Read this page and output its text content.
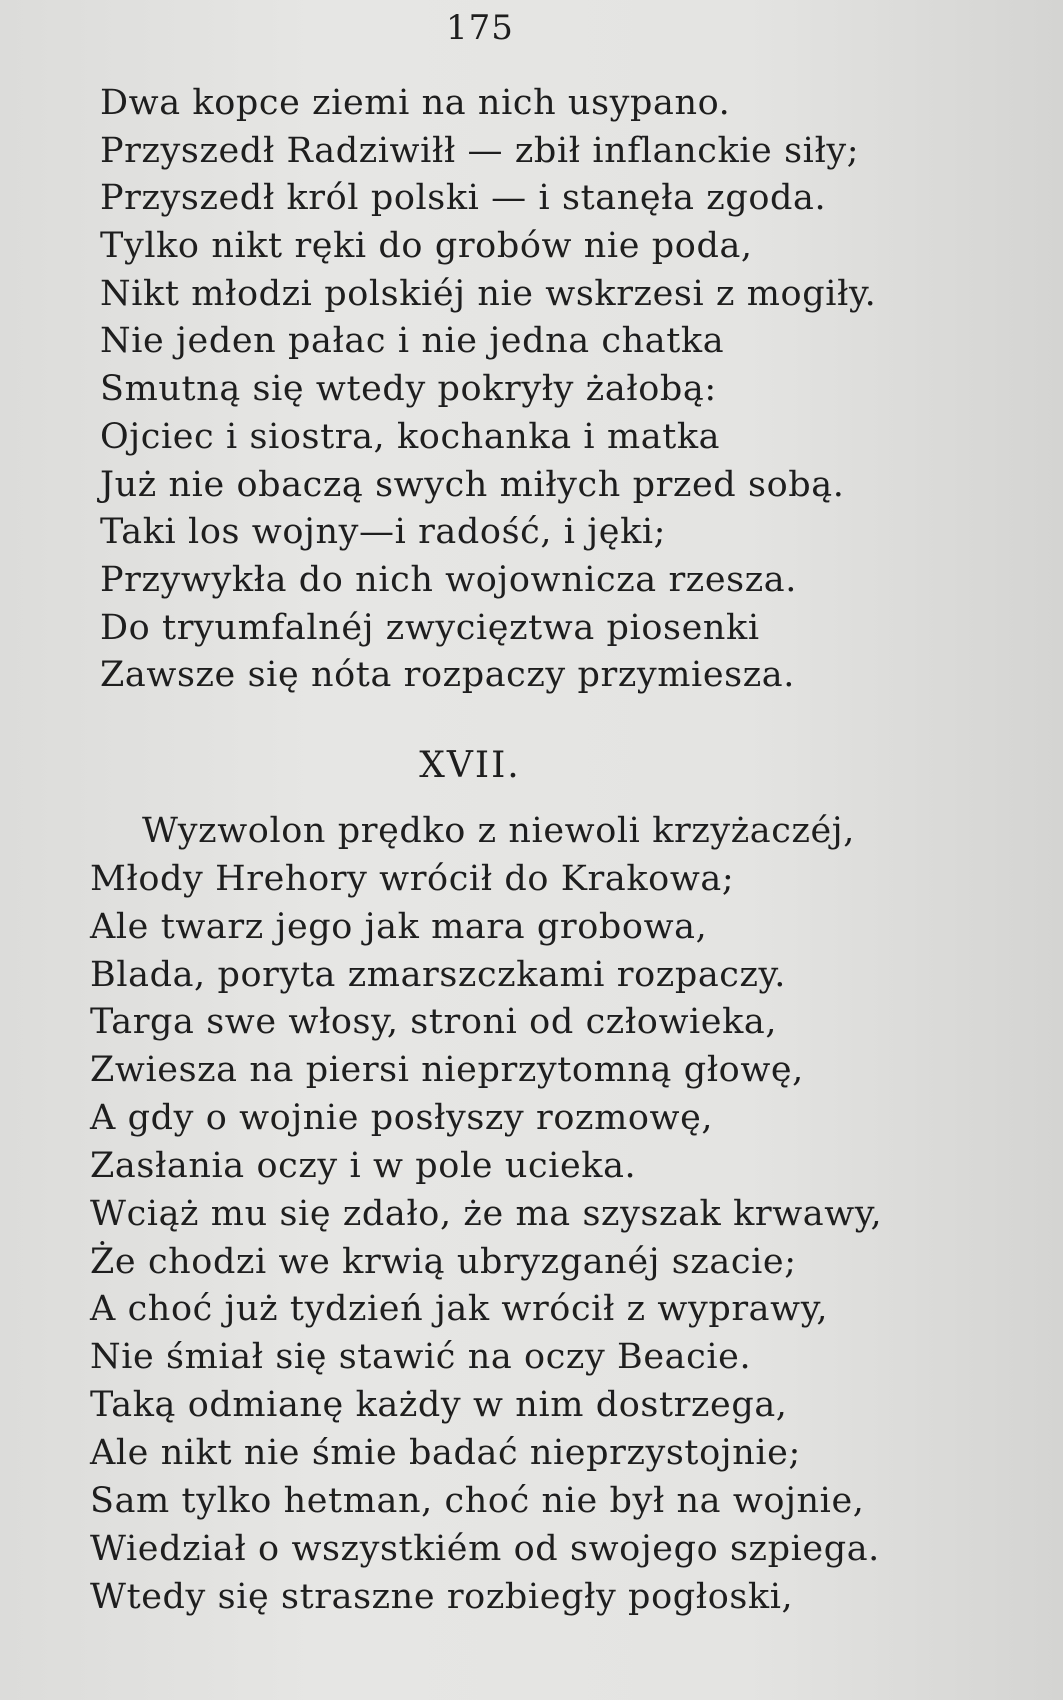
175
Dwa kopce ziemi na nich usypano.
Przyszedł Radziwiłł — zbił inflanckie siły;
Przyszedł król polski — i stanęła zgoda.
Tylko nikt ręki do grobów nie poda,
Nikt młodzi polskiéj nie wskrzesi z mogiły.
Nie jeden pałac i nie jedna chatka
Smutną się wtedy pokryły żałobą:
Ojciec i siostra, kochanka i matka
Już nie obaczą swych miłych przed sobą.
Taki los wojny—i radość, i jęki;
Przywykła do nich wojownicza rzesza.
Do tryumfalnéj zwycięztwa piosenki
Zawsze się nóta rozpaczy przymiesza.
XVII.
Wyzwolon prędko z niewoli krzyżaczéj,
Młody Hrehory wrócił do Krakowa;
Ale twarz jego jak mara grobowa,
Blada, poryta zmarszczkami rozpaczy.
Targa swe włosy, stroni od człowieka,
Zwiesza na piersi nieprzytomną głowę,
A gdy o wojnie posłyszy rozmowę,
Zasłania oczy i w pole ucieka.
Wciąż mu się zdało, że ma szyszak krwawy,
Że chodzi we krwią ubryzganéj szacie;
A choć już tydzień jak wrócił z wyprawy,
Nie śmiał się stawić na oczy Beacie.
Taką odmianę każdy w nim dostrzega,
Ale nikt nie śmie badać nieprzystojnie;
Sam tylko hetman, choć nie był na wojnie,
Wiedział o wszystkiém od swojego szpiega.
Wtedy się straszne rozbiegły pogłoski,
